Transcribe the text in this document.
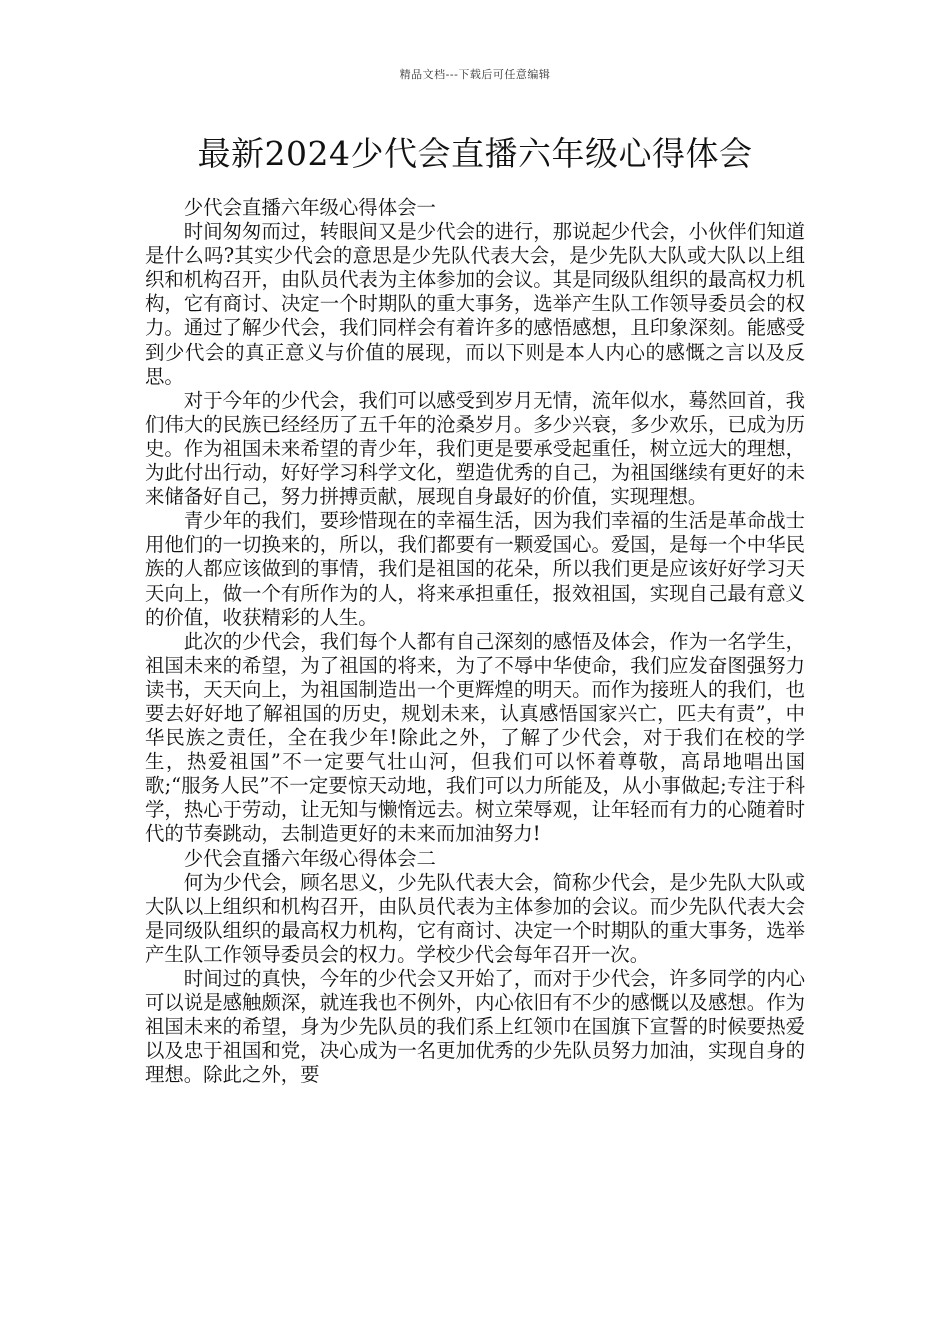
精品文档---下载后可任意编辑
最新2024少代会直播六年级心得体会

少代会直播六年级心得体会一

时间匆匆而过，转眼间又是少代会的进行，那说起少代会，小伙伴们知道是什么吗?其实少代会的意思是少先队代表大会，是少先队大队或大队以上组织和机构召开，由队员代表为主体参加的会议。其是同级队组织的最高权力机构，它有商讨、决定一个时期队的重大事务，选举产生队工作领导委员会的权力。通过了解少代会，我们同样会有着许多的感悟感想，且印象深刻。能感受到少代会的真正意义与价值的展现，而以下则是本人内心的感慨之言以及反思。

对于今年的少代会，我们可以感受到岁月无情，流年似水，蓦然回首，我们伟大的民族已经经历了五千年的沧桑岁月。多少兴衰，多少欢乐，已成为历史。作为祖国未来希望的青少年，我们更是要承受起重任，树立远大的理想，为此付出行动，好好学习科学文化，塑造优秀的自己，为祖国继续有更好的未来储备好自己，努力拼搏贡献，展现自身最好的价值，实现理想。

青少年的我们，要珍惜现在的幸福生活，因为我们幸福的生活是革命战士用他们的一切换来的，所以，我们都要有一颗爱国心。爱国，是每一个中华民族的人都应该做到的事情，我们是祖国的花朵，所以我们更是应该好好学习天天向上，做一个有所作为的人，将来承担重任，报效祖国，实现自己最有意义的价值，收获精彩的人生。

此次的少代会，我们每个人都有自己深刻的感悟及体会，作为一名学生，祖国未来的希望，为了祖国的将来，为了不辱中华使命，我们应发奋图强努力读书，天天向上，为祖国制造出一个更辉煌的明天。而作为接班人的我们，也要去好好地了解祖国的历史，规划未来，认真感悟国家兴亡，匹夫有责”，中华民族之责任，全在我少年!除此之外，了解了少代会，对于我们在校的学生，热爱祖国”不一定要气壮山河，但我们可以怀着尊敬，高昂地唱出国歌;“服务人民”不一定要惊天动地，我们可以力所能及，从小事做起;专注于科学，热心于劳动，让无知与懒惰远去。树立荣辱观，让年轻而有力的心随着时代的节奏跳动，去制造更好的未来而加油努力!

少代会直播六年级心得体会二

何为少代会，顾名思义，少先队代表大会，简称少代会，是少先队大队或大队以上组织和机构召开，由队员代表为主体参加的会议。而少先队代表大会是同级队组织的最高权力机构，它有商讨、决定一个时期队的重大事务，选举产生队工作领导委员会的权力。学校少代会每年召开一次。

时间过的真快，今年的少代会又开始了，而对于少代会，许多同学的内心可以说是感触颇深，就连我也不例外，内心依旧有不少的感慨以及感想。作为祖国未来的希望，身为少先队员的我们系上红领巾在国旗下宣誓的时候要热爱以及忠于祖国和党，决心成为一名更加优秀的少先队员努力加油，实现自身的理想。除此之外，要
